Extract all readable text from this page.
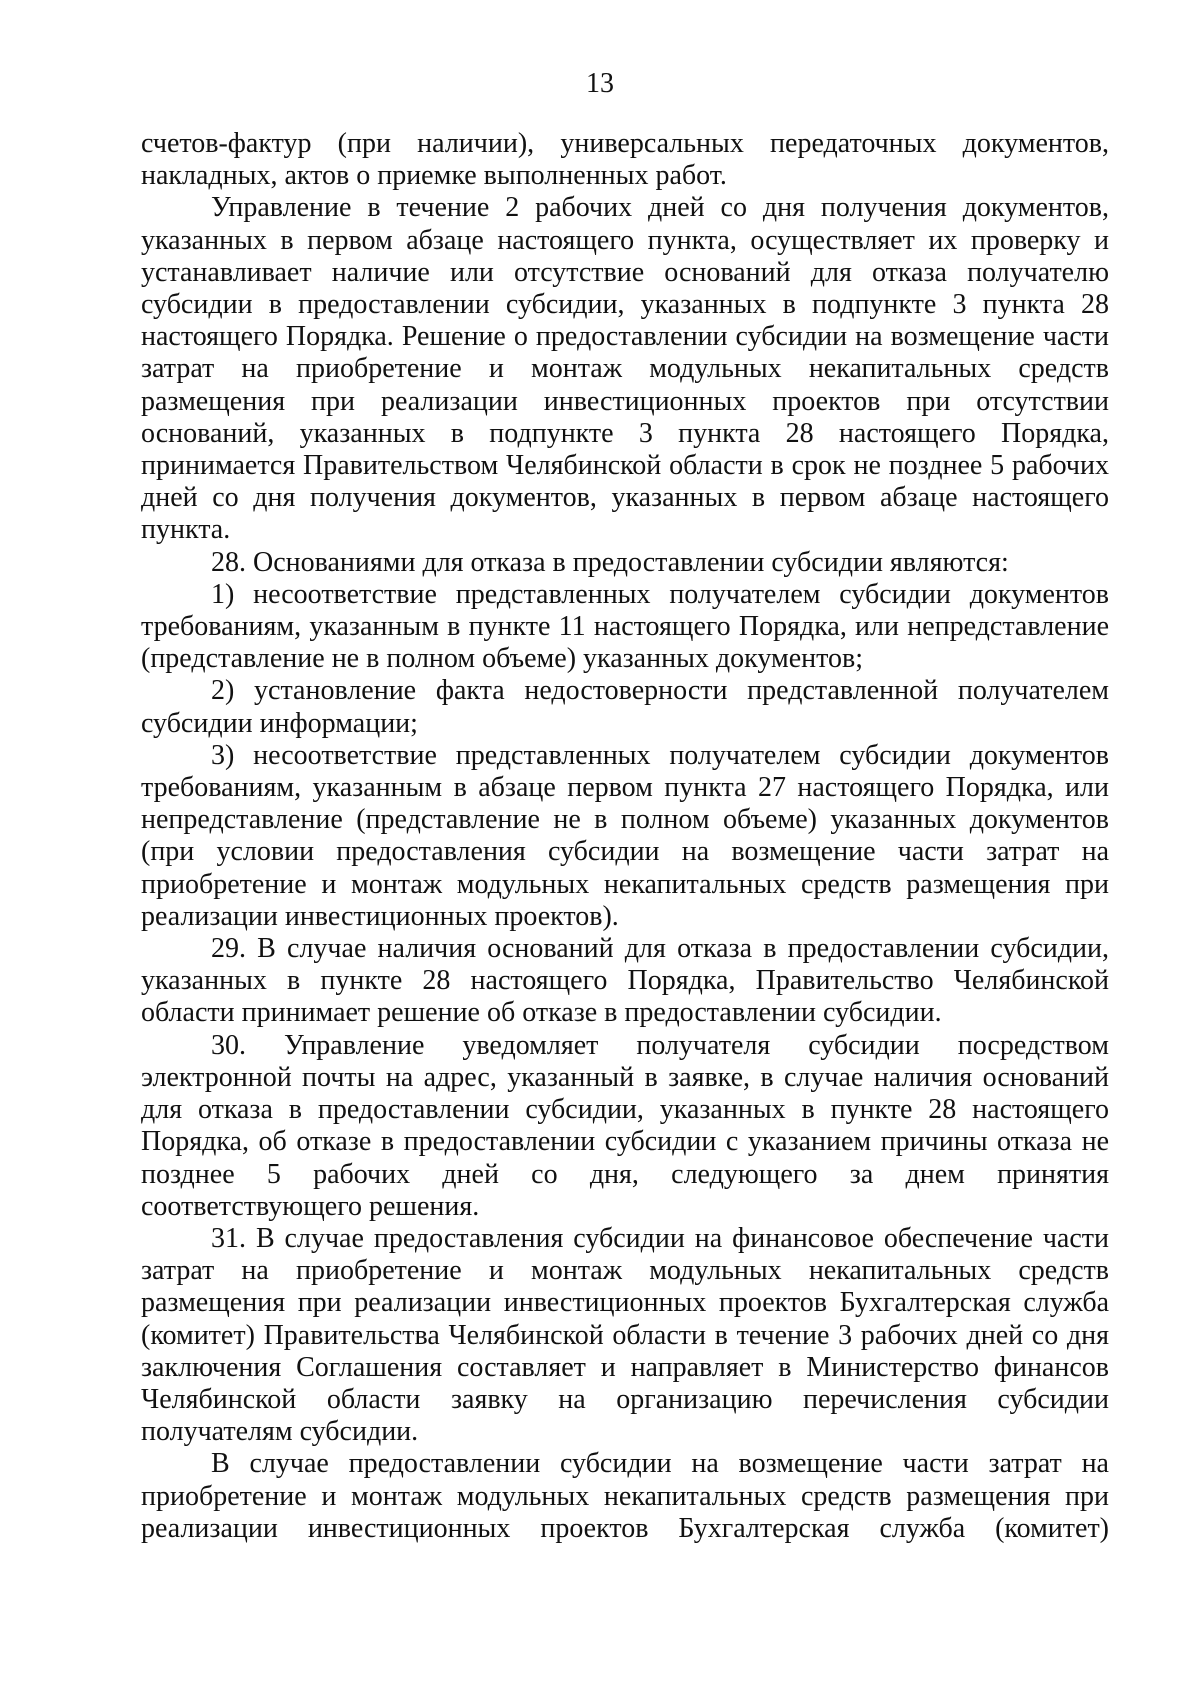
13

счетов-фактур (при наличии), универсальных передаточных документов, накладных, актов о приемке выполненных работ.

Управление в течение 2 рабочих дней со дня получения документов, указанных в первом абзаце настоящего пункта, осуществляет их проверку и устанавливает наличие или отсутствие оснований для отказа получателю субсидии в предоставлении субсидии, указанных в подпункте 3 пункта 28 настоящего Порядка. Решение о предоставлении субсидии на возмещение части затрат на приобретение и монтаж модульных некапитальных средств размещения при реализации инвестиционных проектов при отсутствии оснований, указанных в подпункте 3 пункта 28 настоящего Порядка, принимается Правительством Челябинской области в срок не позднее 5 рабочих дней со дня получения документов, указанных в первом абзаце настоящего пункта.

28. Основаниями для отказа в предоставлении субсидии являются:

1) несоответствие представленных получателем субсидии документов требованиям, указанным в пункте 11 настоящего Порядка, или непредставление (представление не в полном объеме) указанных документов;

2) установление факта недостоверности представленной получателем субсидии информации;

3) несоответствие представленных получателем субсидии документов требованиям, указанным в абзаце первом пункта 27 настоящего Порядка, или непредставление (представление не в полном объеме) указанных документов (при условии предоставления субсидии на возмещение части затрат на приобретение и монтаж модульных некапитальных средств размещения при реализации инвестиционных проектов).

29. В случае наличия оснований для отказа в предоставлении субсидии, указанных в пункте 28 настоящего Порядка, Правительство Челябинской области принимает решение об отказе в предоставлении субсидии.

30. Управление уведомляет получателя субсидии посредством электронной почты на адрес, указанный в заявке, в случае наличия оснований для отказа в предоставлении субсидии, указанных в пункте 28 настоящего Порядка, об отказе в предоставлении субсидии с указанием причины отказа не позднее 5 рабочих дней со дня, следующего за днем принятия соответствующего решения.

31. В случае предоставления субсидии на финансовое обеспечение части затрат на приобретение и монтаж модульных некапитальных средств размещения при реализации инвестиционных проектов Бухгалтерская служба (комитет) Правительства Челябинской области в течение 3 рабочих дней со дня заключения Соглашения составляет и направляет в Министерство финансов Челябинской области заявку на организацию перечисления субсидии получателям субсидии.

В случае предоставлении субсидии на возмещение части затрат на приобретение и монтаж модульных некапитальных средств размещения при реализации инвестиционных проектов Бухгалтерская служба (комитет)
